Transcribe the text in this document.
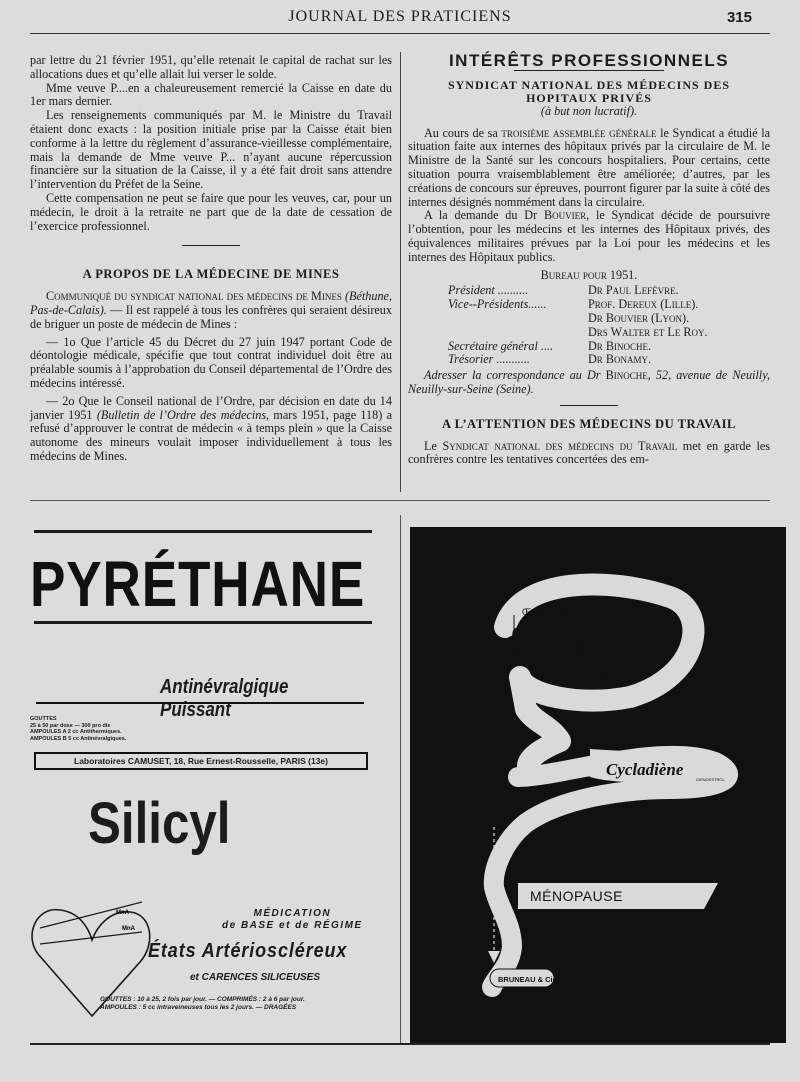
JOURNAL DES PRATICIENS	315

par lettre du 21 février 1951, qu’elle retenait le capital de rachat sur les allocations dues et qu’elle allait lui verser le solde.

Mme veuve P....en a chaleureusement remercié la Caisse en date du 1er mars dernier.

Les renseignements communiqués par M. le Ministre du Travail étaient donc exacts : la position initiale prise par la Caisse était bien conforme à la lettre du règlement d’assurance-vieillesse complémentaire, mais la demande de Mme veuve P... n’ayant aucune répercussion financière sur la situation de la Caisse, il y a été fait droit sans attendre l’intervention du Préfet de la Seine.

Cette compensation ne peut se faire que pour les veuves, car, pour un médecin, le droit à la retraite ne part que de la date de cessation de l’exercice professionnel.

A PROPOS DE LA MÉDECINE DE MINES

Communiqué du syndicat national des médecins de Mines (Béthune, Pas-de-Calais). — Il est rappelé à tous les confrères qui seraient désireux de briguer un poste de médecin de Mines :

— 1o Que l’article 45 du Décret du 27 juin 1947 portant Code de déontologie médicale, spécifie que tout contrat individuel doit être au préalable soumis à l’approbation du Conseil départemental de l’Ordre des médecins intéressé.

— 2o Que le Conseil national de l’Ordre, par décision en date du 14 janvier 1951 (Bulletin de l’Ordre des médecins, mars 1951, page 118) a refusé d’approuver le contrat de médecin « à temps plein » que la Caisse autonome des mineurs voulait imposer individuellement à tous les médecins de Mines.

INTÉRÊTS PROFESSIONNELS
SYNDICAT NATIONAL DES MÉDECINS DES
HOPITAUX PRIVÉS
(à but non lucratif).

Au cours de sa troisième assemblée générale le Syndicat a étudié la situation faite aux internes des hôpitaux privés par la circulaire de M. le Ministre de la Santé sur les concours hospitaliers. Pour certains, cette situation pourra vraisemblablement être améliorée; d’autres, par les créations de concours sur épreuves, pourront figurer par la suite à côté des internes désignés nommément dans la circulaire.

A la demande du Dr Bouvier, le Syndicat décide de poursuivre l’obtention, pour les médecins et les internes des Hôpitaux privés, des équivalences militaires prévues par la Loi pour les médecins et les internes des Hôpitaux publics.

Bureau pour 1951.
Président ..........	Dr Paul Lefèvre.
Vice--Présidents......	Prof. Dereux (Lille).
Dr Bouvier (Lyon).
Drs Walter et Le Roy.
Secrétaire général ....	Dr Binoche.
Trésorier ...........	Dr Bonamy.

Adresser la correspondance au Dr Binoche, 52, avenue de Neuilly, Neuilly-sur-Seine (Seine).

A L’ATTENTION DES MÉDECINS DU TRAVAIL

Le Syndicat national des médecins du Travail met en garde les confrères contre les tentatives concertées des em-

PYRÉTHANE
Antinévralgique Puissant
GOUTTES
25 à 50 par dose — 300 pro die
AMPOULES A 2 cc Antithermiques.
AMPOULES B 5 cc Antinévralgiques.
Laboratoires CAMUSET, 18, Rue Ernest-Rousselle, PARIS (13e)
Silicyl
MnA
MnA
MÉDICATION
de BASE et de RÉGIME
États Artérioscléreux
et CARENCES SILICEUSES
GOUTTES : 10 à 25, 2 fois par jour. — COMPRIMÉS : 2 à 6 par jour.
AMPOULES : 5 cc intraveineuses tous les 2 jours. — DRAGÉES
ŒSTROGÈNE
frein
DE L’HYPOPHYSE
Cycladiène
DIENOESTROL
MÉNOPAUSE
BRUNEAU & Cie
